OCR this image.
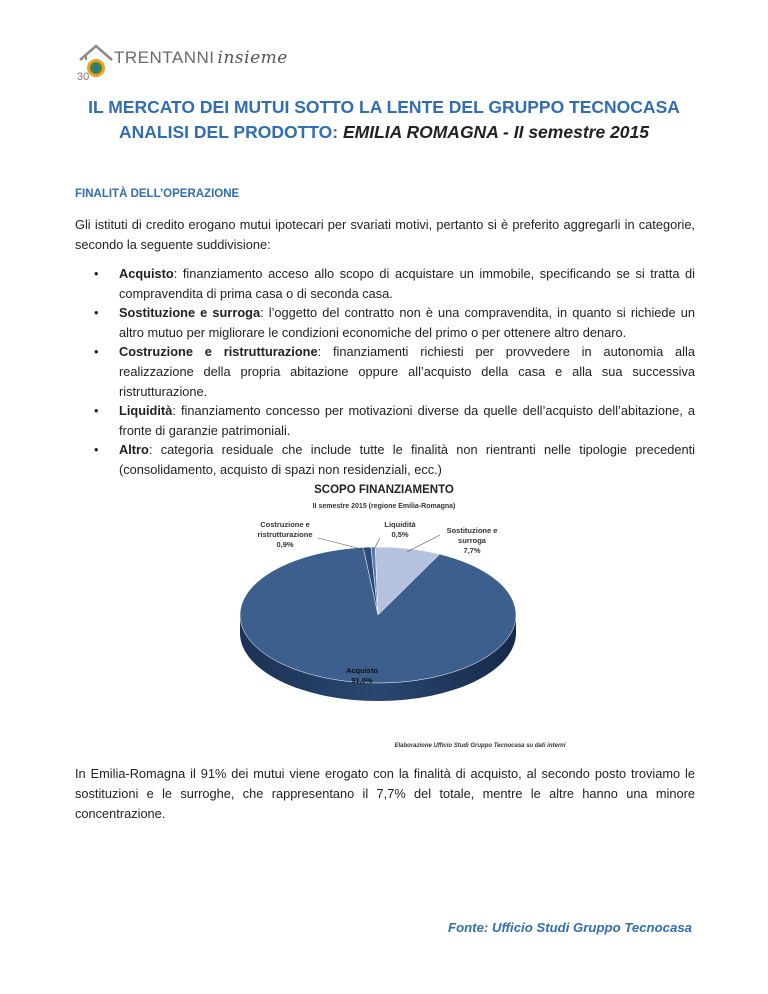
30
TRENTANNI insieme
IL MERCATO DEI MUTUI SOTTO LA LENTE DEL GRUPPO TECNOCASA
ANALISI DEL PRODOTTO: EMILIA ROMAGNA - II semestre 2015
FINALITÀ DELL’OPERAZIONE
Gli istituti di credito erogano mutui ipotecari per svariati motivi, pertanto si è preferito aggregarli in categorie, secondo la seguente suddivisione:
• Acquisto: finanziamento acceso allo scopo di acquistare un immobile, specificando se si tratta di compravendita di prima casa o di seconda casa.
• Sostituzione e surroga: l’oggetto del contratto non è una compravendita, in quanto si richiede un altro mutuo per migliorare le condizioni economiche del primo o per ottenere altro denaro.
• Costruzione e ristrutturazione: finanziamenti richiesti per provvedere in autonomia alla realizzazione della propria abitazione oppure all’acquisto della casa e alla sua successiva ristrutturazione.
• Liquidità: finanziamento concesso per motivazioni diverse da quelle dell’acquisto dell’abitazione, a fronte di garanzie patrimoniali.
• Altro: categoria residuale che include tutte le finalità non rientranti nelle tipologie precedenti (consolidamento, acquisto di spazi non residenziali, ecc.)
SCOPO FINANZIAMENTO
II semestre 2015 (regione Emilia-Romagna)
Acquisto
91,0%
Costruzione e
ristrutturazione
0,9%
Liquidità
0,5%	Sostituzione e
surroga
7,7%
Elaborazione Ufficio Studi Gruppo Tecnocasa su dati interni
In Emilia-Romagna il 91% dei mutui viene erogato con la finalità di acquisto, al secondo posto troviamo le sostituzioni e le surroghe, che rappresentano il 7,7% del totale, mentre le altre hanno una minore concentrazione.
Fonte: Ufficio Studi Gruppo Tecnocasa
